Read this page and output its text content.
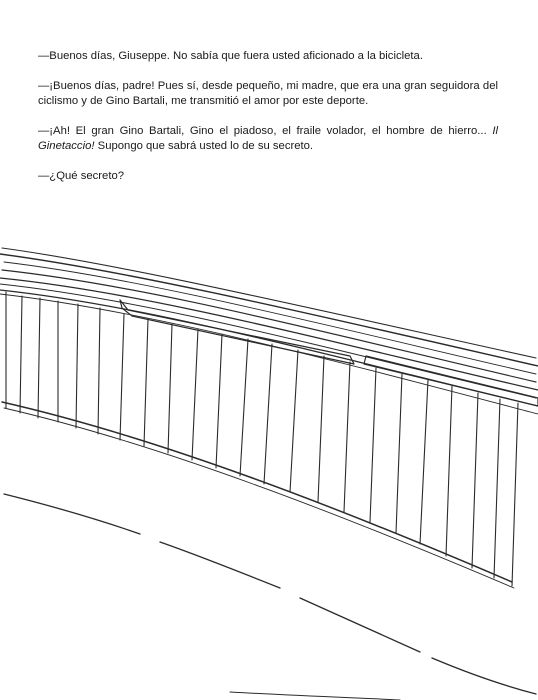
—Buenos días, Giuseppe. No sabía que fuera usted aficionado a la bicicleta.

—¡Buenos días, padre! Pues sí, desde pequeño, mi madre, que era una gran seguidora del ciclismo y de Gino Bartali, me transmitió el amor por este deporte.

—¡Ah! El gran Gino Bartali, Gino el piadoso, el fraile volador, el hombre de hierro... Il Ginetaccio! Supongo que sabrá usted lo de su secreto.

—¿Qué secreto?
